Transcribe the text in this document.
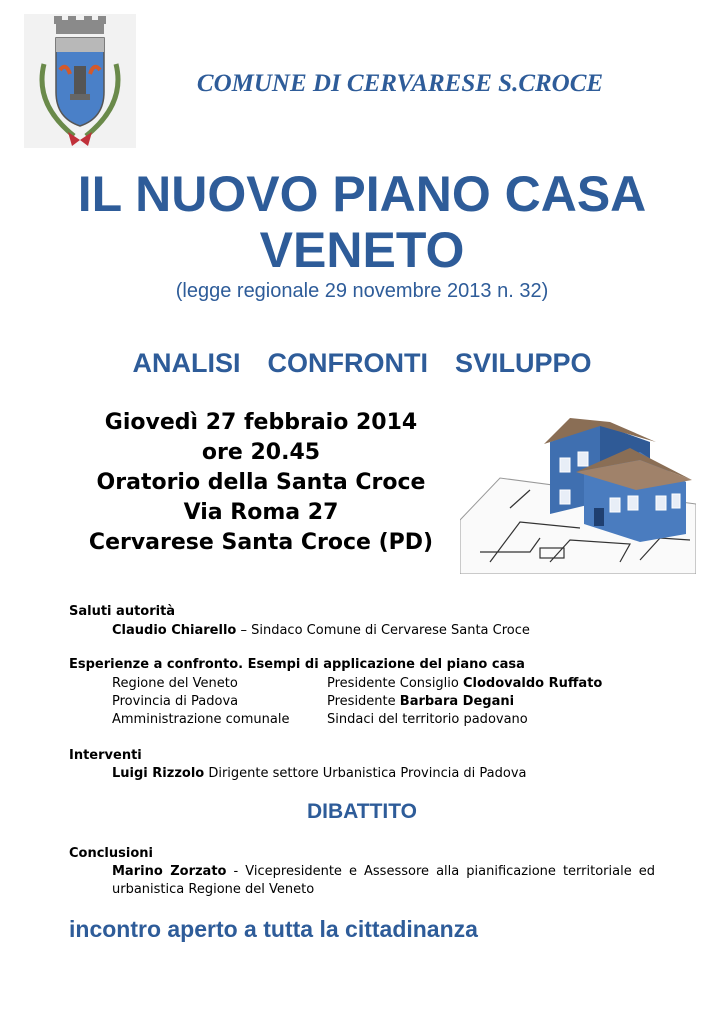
COMUNE DI CERVARESE S.CROCE
IL NUOVO PIANO CASA
VENETO
(legge regionale 29 novembre 2013 n. 32)
ANALISI  CONFRONTI  SVILUPPO
Giovedì 27 febbraio 2014
ore 20.45
Oratorio della Santa Croce
Via Roma 27
Cervarese Santa Croce (PD)
Saluti autorità
Claudio Chiarello – Sindaco Comune di Cervarese Santa Croce
Esperienze a confronto. Esempi di applicazione del piano casa
Regione del Veneto	Presidente Consiglio Clodovaldo Ruffato
Provincia di Padova	Presidente Barbara Degani
Amministrazione comunale	Sindaci del territorio padovano
Interventi
Luigi Rizzolo Dirigente settore Urbanistica Provincia di Padova
DIBATTITO
Conclusioni
Marino Zorzato - Vicepresidente e Assessore alla pianificazione territoriale ed urbanistica Regione del Veneto
incontro aperto a tutta la cittadinanza
